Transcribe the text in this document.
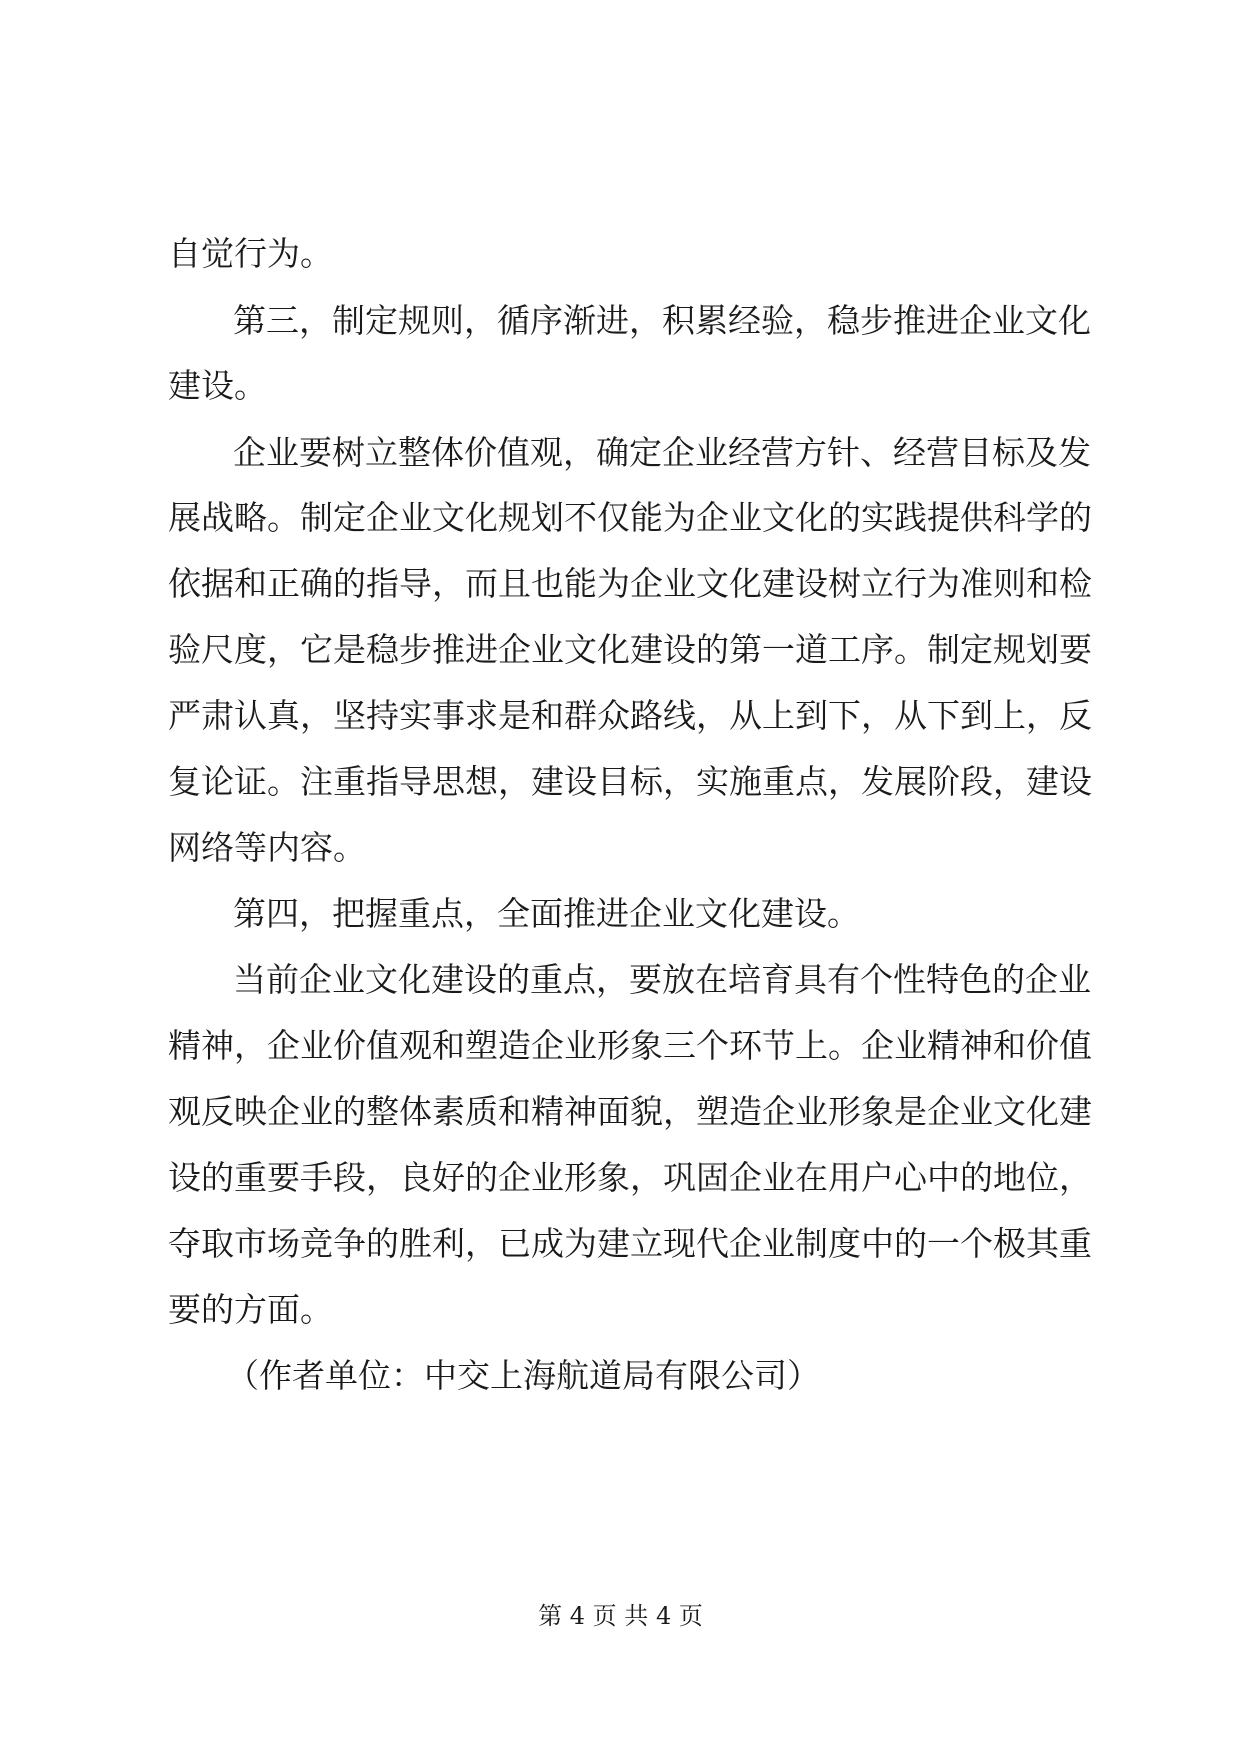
自觉行为。
第三，制定规则，循序渐进，积累经验，稳步推进企业文化
建设。
企业要树立整体价值观，确定企业经营方针、经营目标及发
展战略。制定企业文化规划不仅能为企业文化的实践提供科学的
依据和正确的指导，而且也能为企业文化建设树立行为准则和检
验尺度，它是稳步推进企业文化建设的第一道工序。制定规划要
严肃认真，坚持实事求是和群众路线，从上到下，从下到上，反
复论证。注重指导思想，建设目标，实施重点，发展阶段，建设
网络等内容。
第四，把握重点，全面推进企业文化建设。
当前企业文化建设的重点，要放在培育具有个性特色的企业
精神，企业价值观和塑造企业形象三个环节上。企业精神和价值
观反映企业的整体素质和精神面貌，塑造企业形象是企业文化建
设的重要手段，良好的企业形象，巩固企业在用户心中的地位，
夺取市场竞争的胜利，已成为建立现代企业制度中的一个极其重
要的方面。
（作者单位：中交上海航道局有限公司）
第 4 页 共 4 页
